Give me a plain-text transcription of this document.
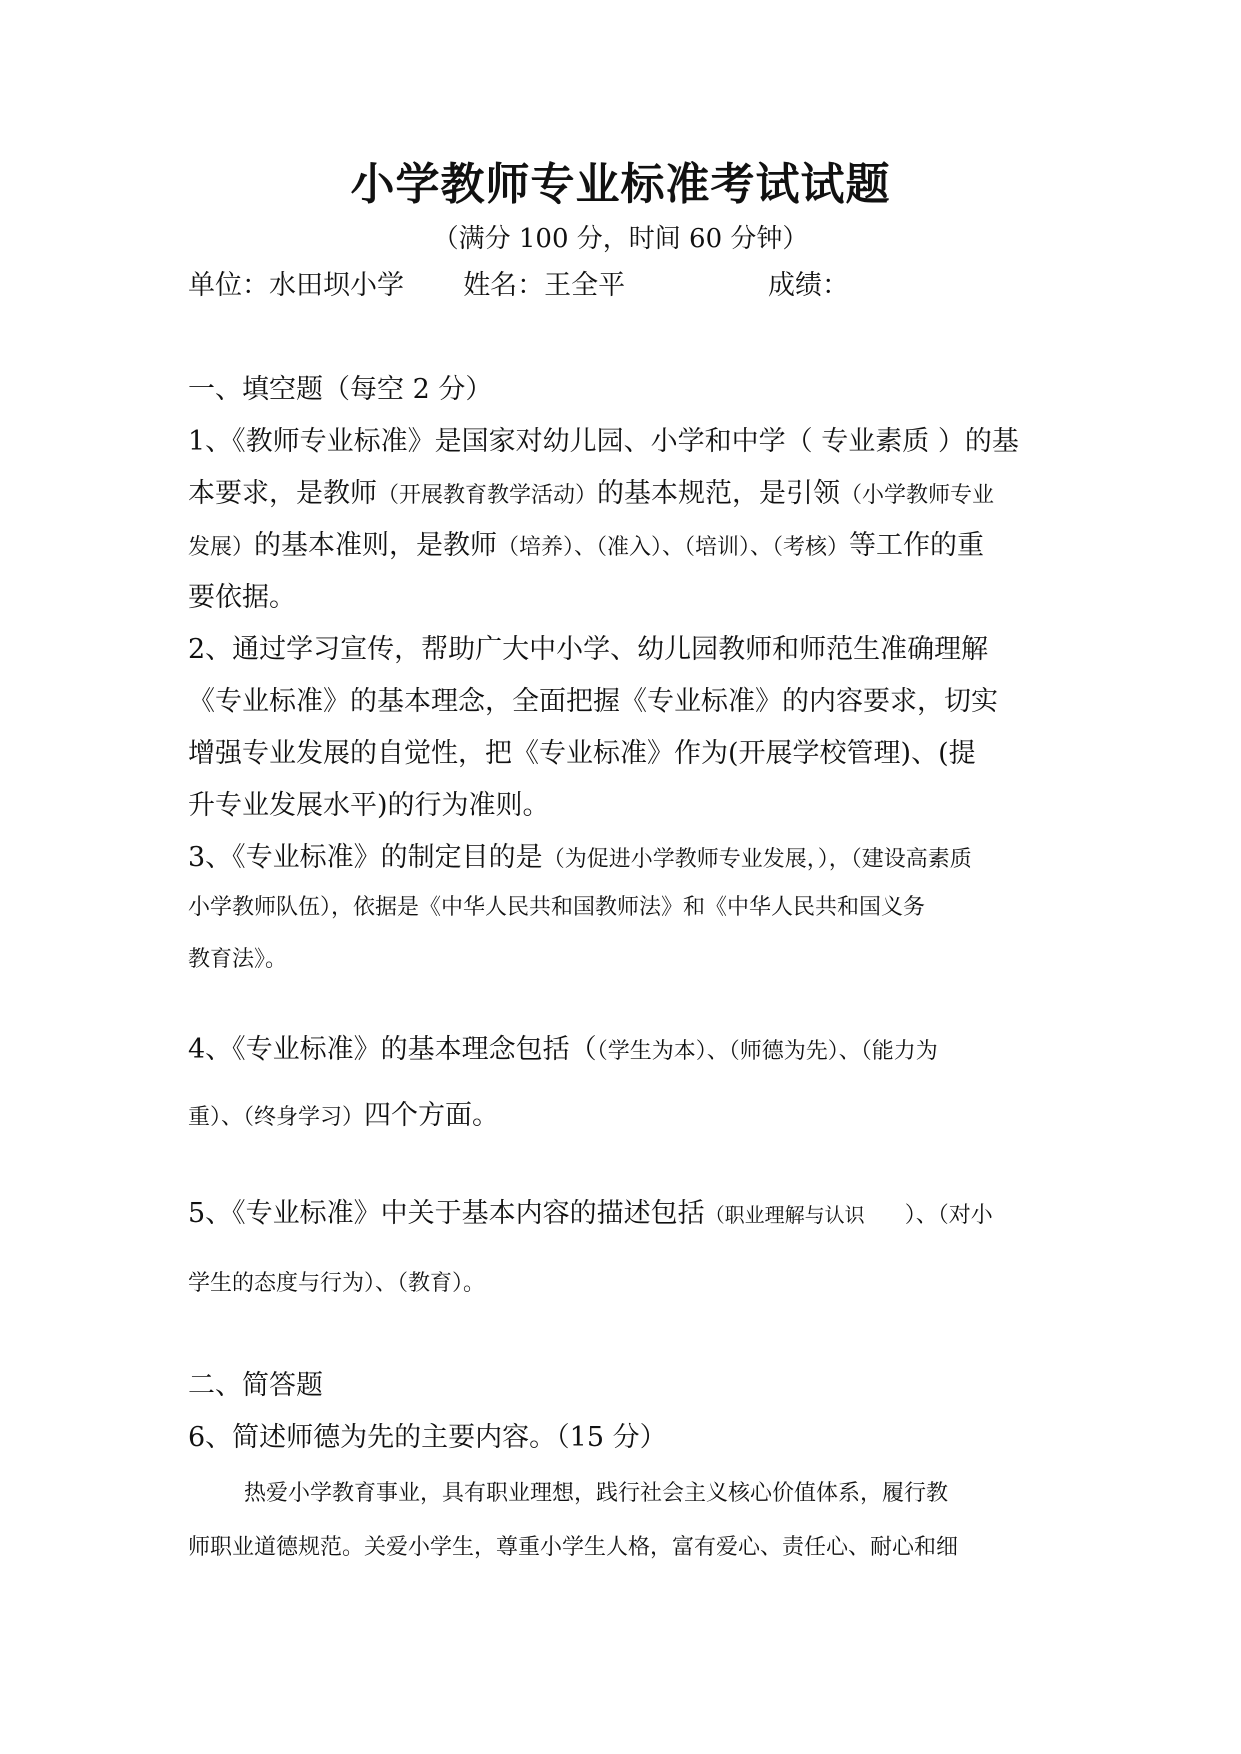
小学教师专业标准考试试题
（满分 100 分，时间 60 分钟）
单位：水田坝小学 姓名：王全平	成绩：
一、填空题（每空 2 分）
1、《教师专业标准》是国家对幼儿园、小学和中学（ 专业素质 ）的基
本要求，是教师（开展教育教学活动）的基本规范，是引领（小学教师专业
发展）的基本准则，是教师（培养）、（准入）、（培训）、（考核）等工作的重
要依据。
2、通过学习宣传，帮助广大中小学、幼儿园教师和师范生准确理解
《专业标准》的基本理念，全面把握《专业标准》的内容要求，切实
增强专业发展的自觉性，把《专业标准》作为(开展学校管理)、(提
升专业发展水平)的行为准则。
3、《专业标准》的制定目的是（为促进小学教师专业发展，），（建设高素质
小学教师队伍），依据是《中华人民共和国教师法》和《中华人民共和国义务
教育法》。
4、《专业标准》的基本理念包括（（学生为本）、（师德为先）、（能力为
重）、（终身学习）四个方面。
5、《专业标准》中关于基本内容的描述包括（职业理解与认识 ）、（对小
学生的态度与行为）、（教育）。
二、简答题
6、简述师德为先的主要内容。（15 分）
热爱小学教育事业，具有职业理想，践行社会主义核心价值体系，履行教
师职业道德规范。关爱小学生，尊重小学生人格，富有爱心、责任心、耐心和细
